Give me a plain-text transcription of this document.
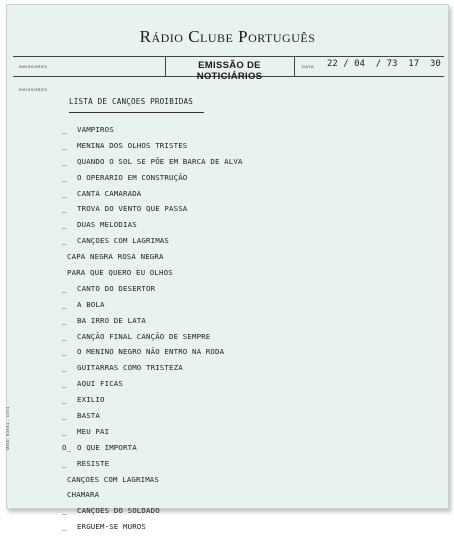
Rádio Clube Português
EMISSORES	EMISSÃO DE NOTICIÁRIOS
DATA 22 / 04  / 73  17  30
EMISSORES
MOD. 83641 - 1074
LISTA DE CANÇOES PROIBIDAS
_ VAMPIROS
_ MENINA DOS OLHOS TRISTES
_ QUANDO O SOL SE PÕE EM BARCA DE ALVA
_ O OPERARIO EM CONSTRUÇÃO
_ CANTA CAMARADA
_ TROVA DO VENTO QUE PASSA
_ DUAS MELODIAS
_ CANÇOES COM LAGRIMAS
CAPA NEGRA ROSA NEGRA
PARA QUE QUERO EU OLHOS
_ CANTO DO DESERTOR
_ A BOLA
_ BA IRRO DE LATA
_ CANÇÃO FINAL CANÇÃO DE SEMPRE
_ O MENINO NEGRO NÃO ENTRO NA RODA
_ GUITARRAS COMO TRISTEZA
_ AQUI FICAS
_ EXILIO
_ BASTA
_ MEU PAI
O_ O QUE IMPORTA
_ RESISTE
CANÇOES COM LAGRIMAS
CHAMARA
_ CANÇOES DO SOLDADO
_ ERGUEM-SE MUROS
